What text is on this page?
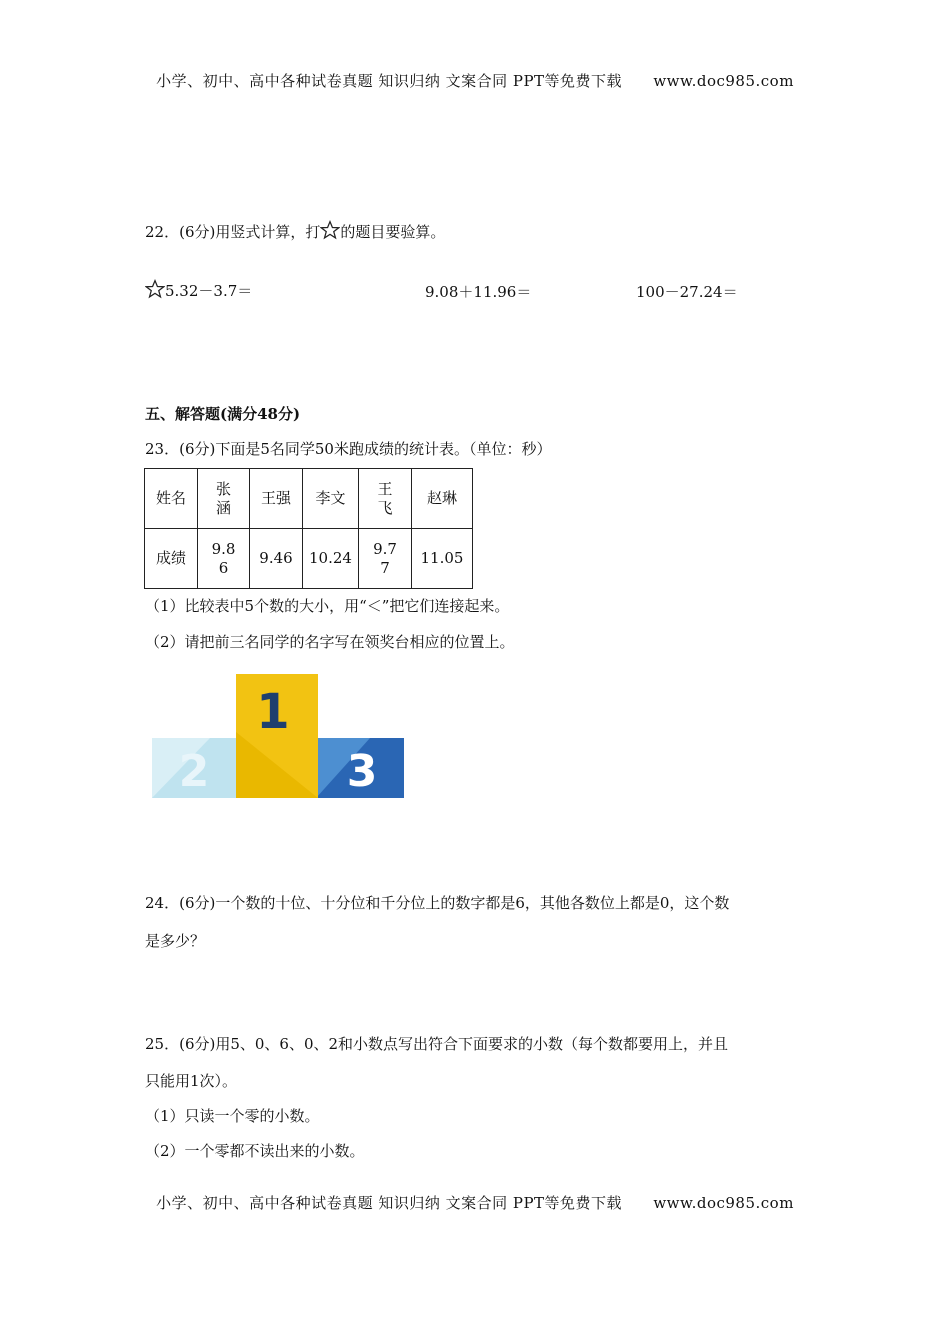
小学、初中、高中各种试卷真题 知识归纳 文案合同 PPT等免费下载 www.doc985.com
22．(6分)用竖式计算，打 的题目要验算。
5.32－3.7＝	9.08＋11.96＝	100－27.24＝
五、解答题(满分48分)
23．(6分)下面是5名同学50米跑成绩的统计表。（单位：秒）
姓名	张涵	王强	李文	王飞	赵琳
成绩	9.86	9.46	10.24	9.77	11.05
（1）比较表中5个数的大小，用“＜”把它们连接起来。
（2）请把前三名同学的名字写在领奖台相应的位置上。
2	3
1
24．(6分)一个数的十位、十分位和千分位上的数字都是6，其他各数位上都是0，这个数
是多少？
25．(6分)用5、0、6、0、2和小数点写出符合下面要求的小数（每个数都要用上，并且
只能用1次）。
（1）只读一个零的小数。
（2）一个零都不读出来的小数。
小学、初中、高中各种试卷真题 知识归纳 文案合同 PPT等免费下载 www.doc985.com
